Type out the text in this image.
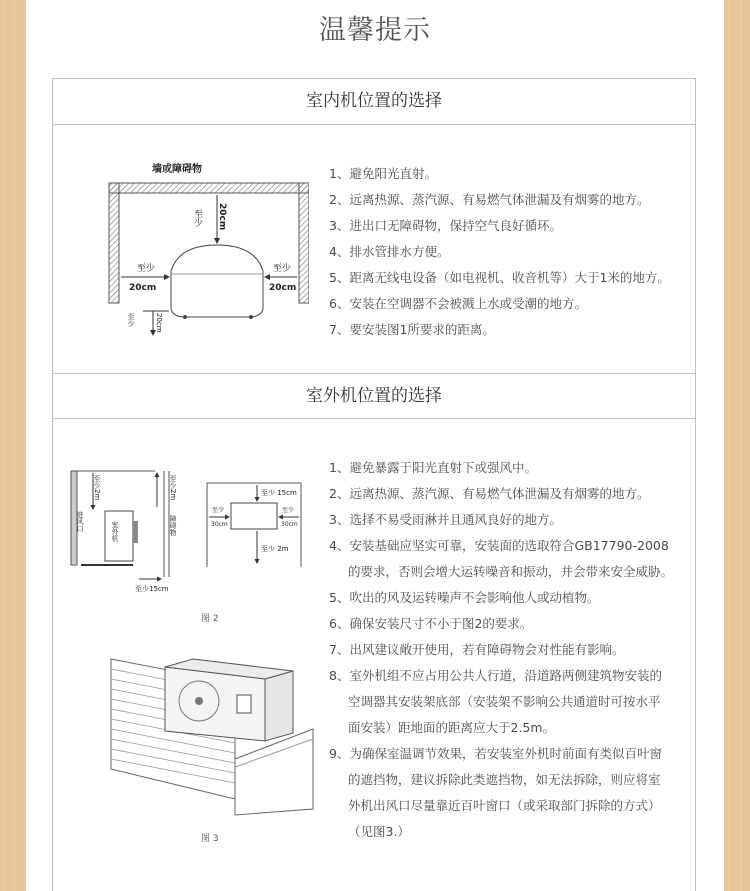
温馨提示
室内机位置的选择
墙或障碍物
至少 20cm
至少
20cm
至少
20cm
至少	20cm
1、避免阳光直射。
2、远离热源、蒸汽源、有易燃气体泄漏及有烟雾的地方。
3、进出口无障碍物，保持空气良好循环。
4、排水管排水方便。
5、距离无线电设备（如电视机、收音机等）大于1米的地方。
6、安装在空调器不会被溅上水或受潮的地方。
7、要安装图1所要求的距离。
室外机位置的选择
至少2m
进风口	室外机
至少2m
障碍物
至少15cm
至少 15cm
至少
30cm
至少
30cm
至少 2m
图 2
图 3
1、避免暴露于阳光直射下或强风中。
2、远离热源、蒸汽源、有易燃气体泄漏及有烟雾的地方。
3、选择不易受雨淋并且通风良好的地方。
4、安装基础应坚实可靠，安装面的选取符合GB17790-2008
的要求，否则会增大运转噪音和振动，并会带来安全威胁。
5、吹出的风及运转噪声不会影响他人或动植物。
6、确保安装尺寸不小于图2的要求。
7、出风建议敞开使用，若有障碍物会对性能有影响。
8、室外机组不应占用公共人行道，沿道路两侧建筑物安装的
空调器其安装架底部（安装架不影响公共通道时可按水平
面安装）距地面的距离应大于2.5m。
9、为确保室温调节效果，若安装室外机时前面有类似百叶窗
的遮挡物，建议拆除此类遮挡物，如无法拆除，则应将室
外机出风口尽量靠近百叶窗口（或采取部门拆除的方式）
（见图3.）
